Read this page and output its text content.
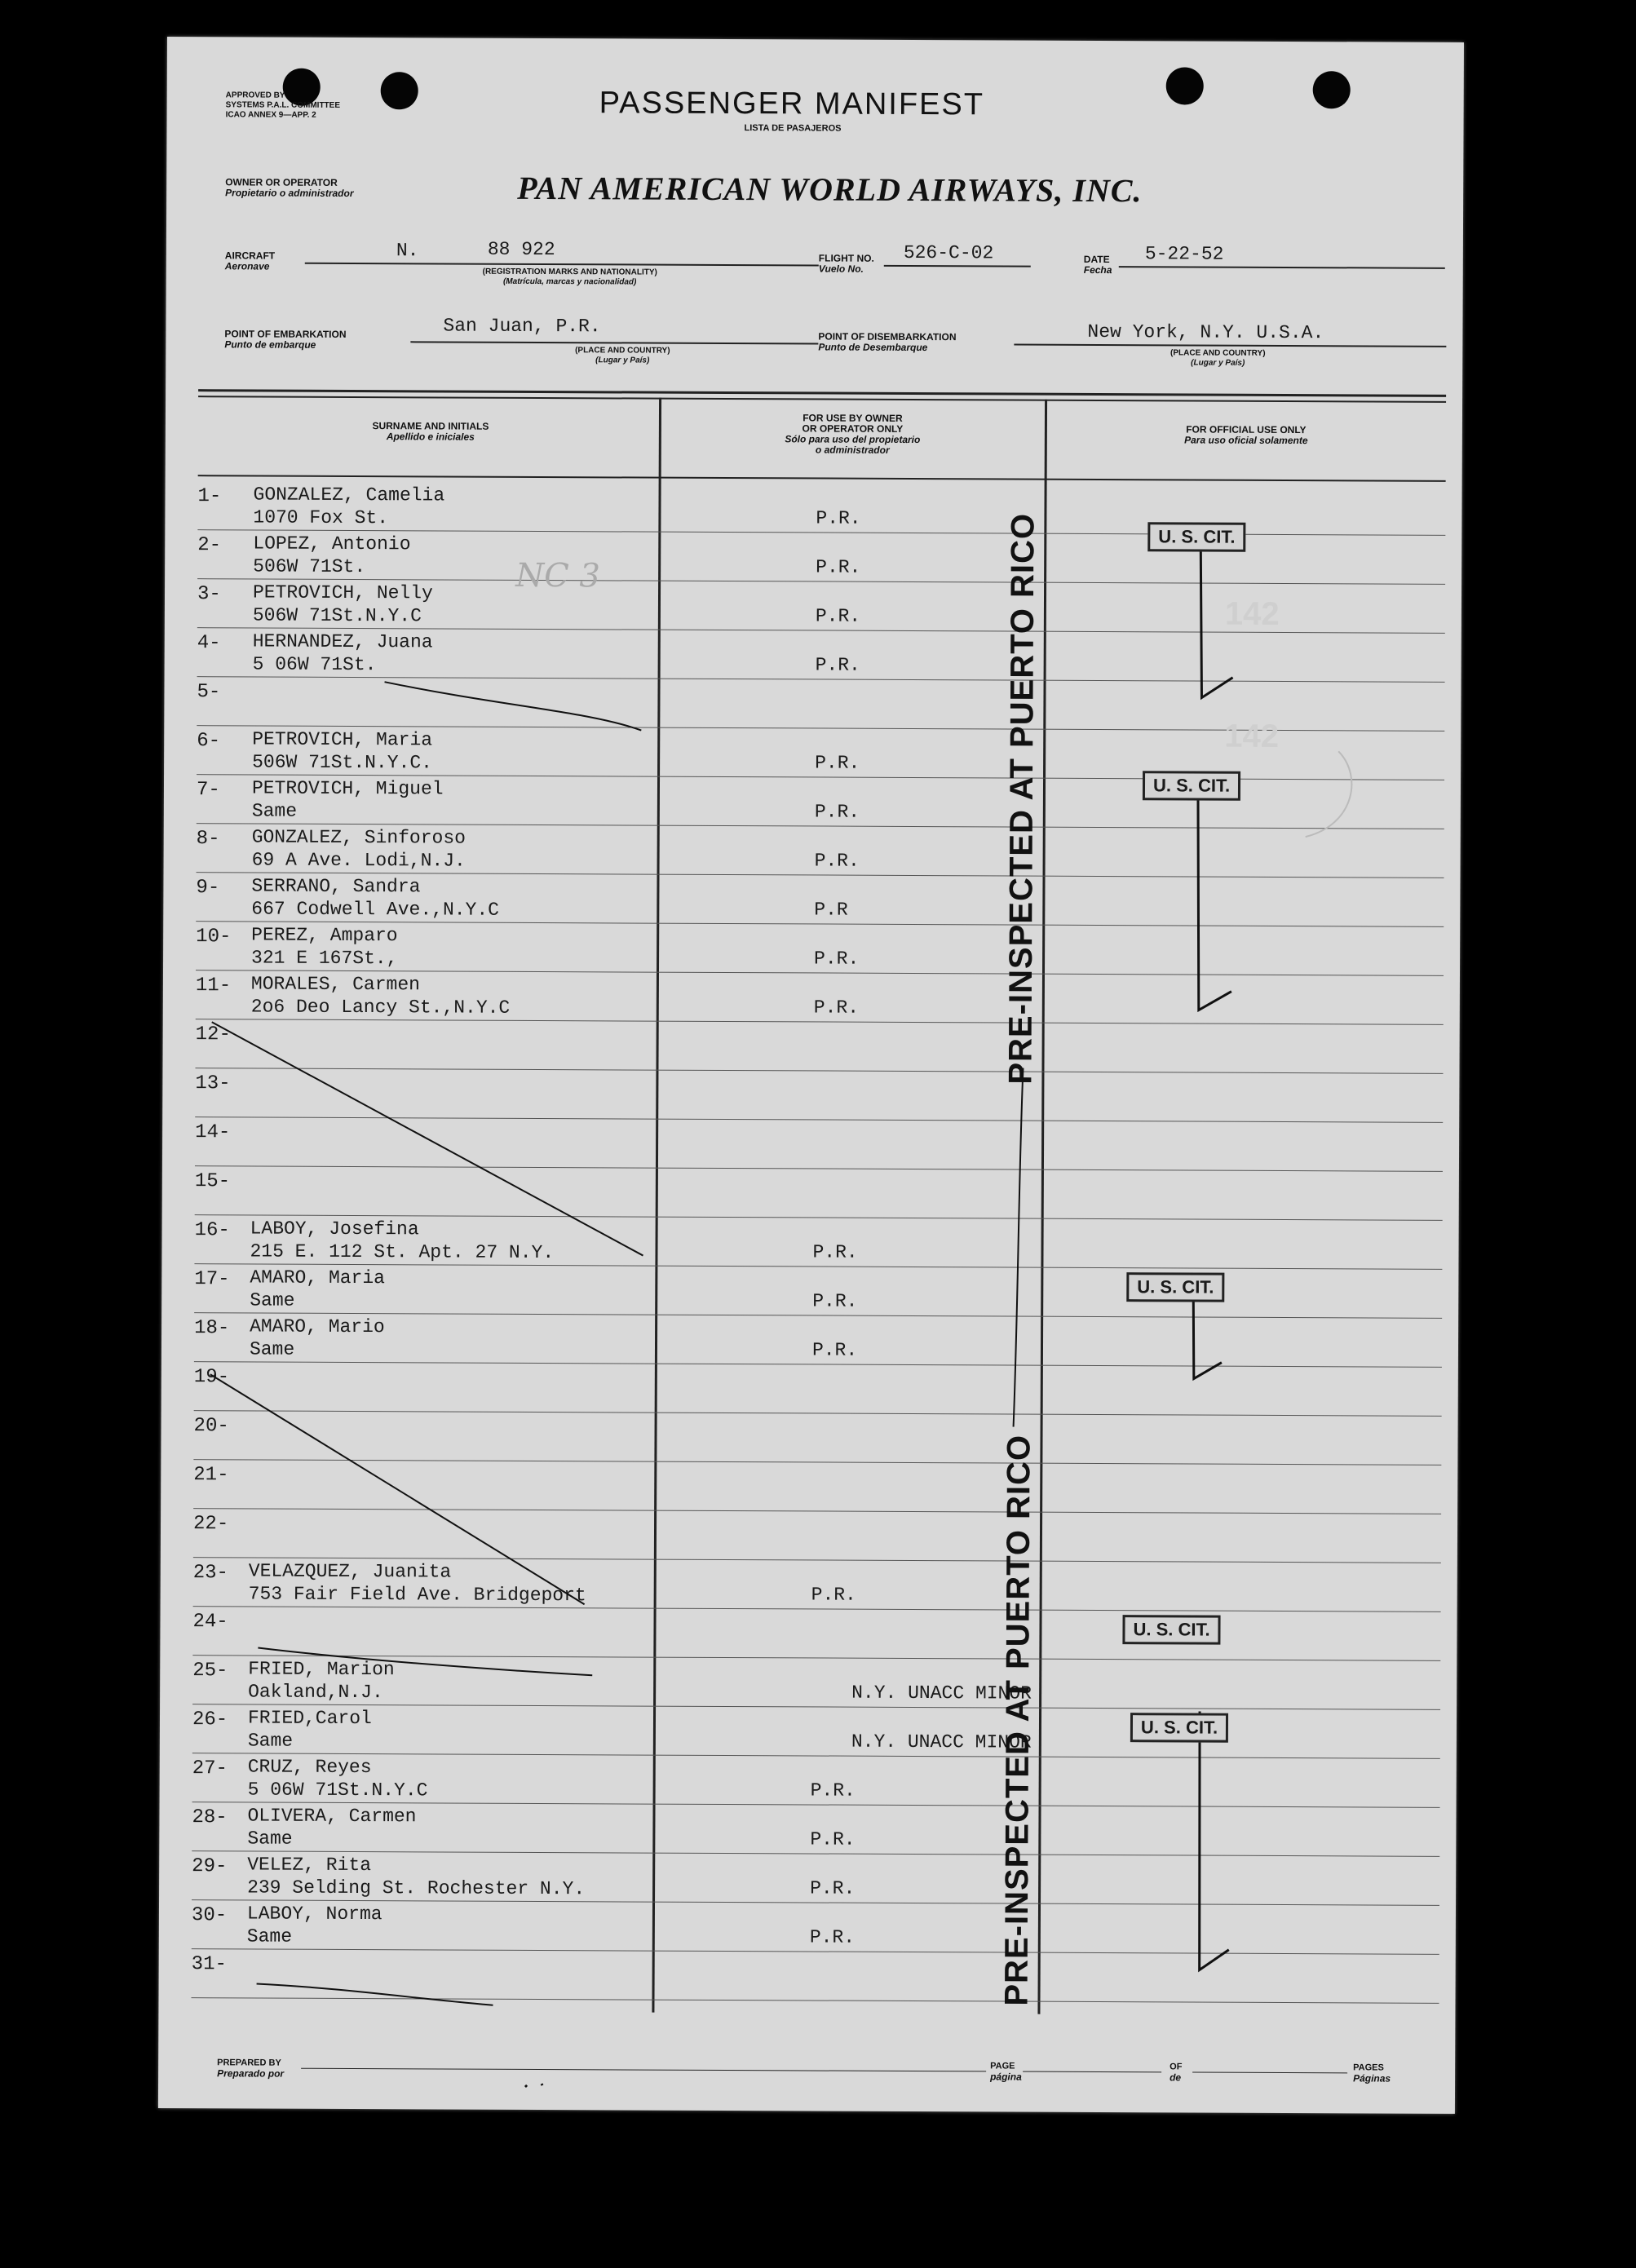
APPROVED BY
SYSTEMS P.A.L. COMMITTEE
ICAO ANNEX 9—APP. 2	PASSENGER MANIFEST
LISTA DE PASAJEROS
OWNER OR OPERATOR
Propietario o administrador	PAN AMERICAN WORLD AIRWAYS, INC.
AIRCRAFT
Aeronave
N.	88 922
(REGISTRATION MARKS AND NATIONALITY)
(Matrícula, marcas y nacionalidad)
FLIGHT NO.
Vuelo No.
526-C-02	DATE
Fecha
5-22-52
POINT OF EMBARKATION
Punto de embarque
San Juan, P.R.
(PLACE AND COUNTRY)
(Lugar y País)
POINT OF DISEMBARKATION
Punto de Desembarque
New York, N.Y. U.S.A.
(PLACE AND COUNTRY)
(Lugar y País)
SURNAME AND INITIALS
Apellido e iniciales
FOR USE BY OWNER
OR OPERATOR ONLY
Sólo para uso del propietario
o administrador
FOR OFFICIAL USE ONLY
Para uso oficial solamente
1- GONZALEZ, Camelia
1070 Fox St.	P.R.
2- LOPEZ, Antonio
506W 71St.	P.R.
3- PETROVICH, Nelly
506W 71St.N.Y.C	P.R.
4- HERNANDEZ, Juana
5 06W 71St.	P.R.
5-
6- PETROVICH, Maria
506W 71St.N.Y.C.	P.R.
7- PETROVICH, Miguel
Same	P.R.
8- GONZALEZ, Sinforoso
69 A Ave. Lodi,N.J.	P.R.
9- SERRANO, Sandra
667 Codwell Ave.,N.Y.C	P.R
10- PEREZ, Amparo
321 E 167St.,	P.R.
11- MORALES, Carmen
2o6 Deo Lancy St.,N.Y.C	P.R.
12-
13-
14-
15-
16- LABOY, Josefina
215 E. 112 St. Apt. 27 N.Y.	P.R.
17- AMARO, Maria
Same	P.R.
18- AMARO, Mario
Same	P.R.
19-
20-
21-
22-
23- VELAZQUEZ, Juanita
753 Fair Field Ave. Bridgeport	P.R.
24-
25- FRIED, Marion
Oakland,N.J.	N.Y. UNACC MINOR
26- FRIED,Carol
Same	N.Y. UNACC MINOR
27- CRUZ, Reyes
5 06W 71St.N.Y.C	P.R.
28- OLIVERA, Carmen
Same	P.R.
29- VELEZ, Rita
239 Selding St. Rochester N.Y.	P.R.
30- LABOY, Norma
Same	P.R.
31-
142
142
NC 3
U. S. CIT.
U. S. CIT.
U. S. CIT.
U. S. CIT.
U. S. CIT.
PRE-INSPECTED AT PUERTO RICO
PRE-INSPECTED AT PUERTO RICO
PREPARED BY
Preparado por
PAGE
página
OF
de
PAGES
Páginas
